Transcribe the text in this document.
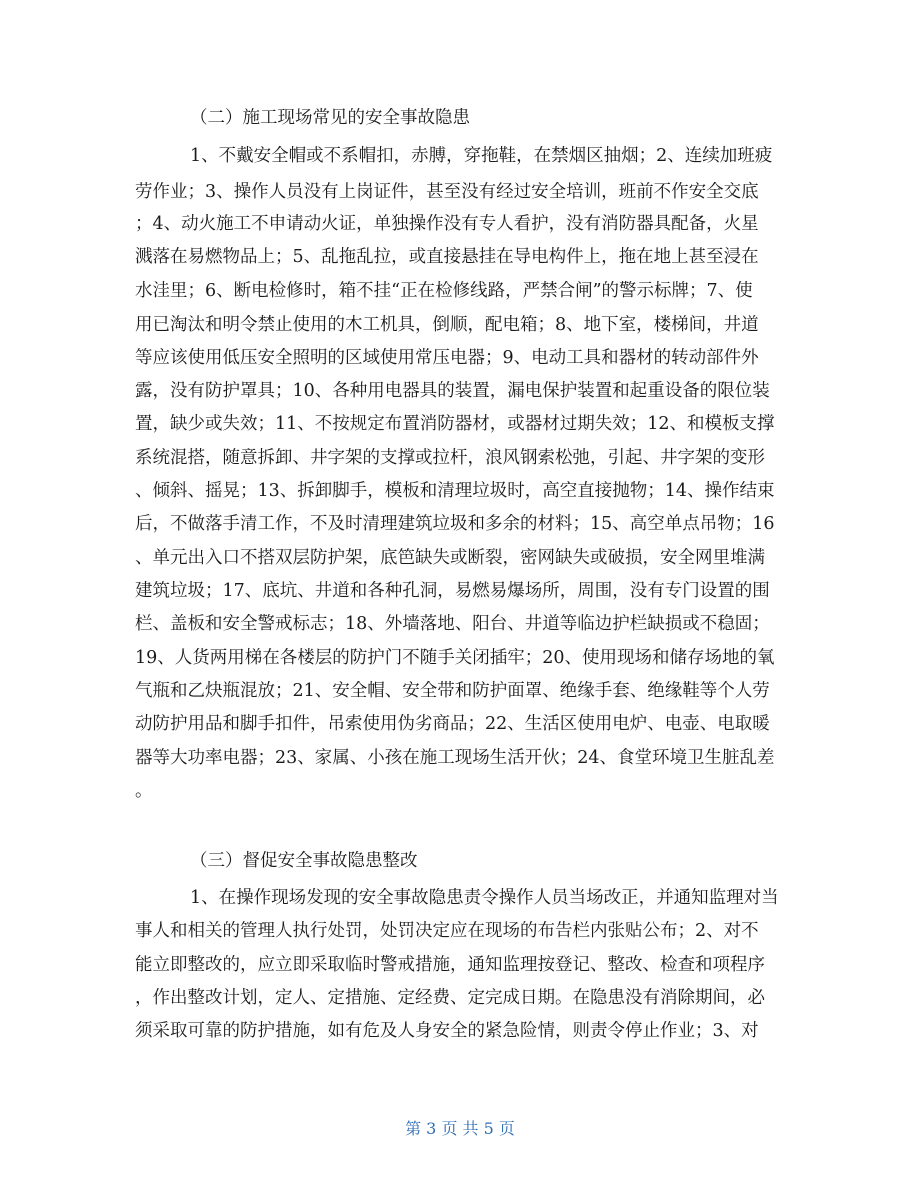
（二）施工现场常见的安全事故隐患
1、不戴安全帽或不系帽扣，赤膊，穿拖鞋，在禁烟区抽烟；2、连续加班疲
劳作业；3、操作人员没有上岗证件，甚至没有经过安全培训，班前不作安全交底
；4、动火施工不申请动火证，单独操作没有专人看护，没有消防器具配备，火星
溅落在易燃物品上；5、乱拖乱拉，或直接悬挂在导电构件上，拖在地上甚至浸在
水洼里；6、断电检修时，箱不挂“正在检修线路，严禁合闸”的警示标牌；7、使
用已淘汰和明令禁止使用的木工机具，倒顺，配电箱；8、地下室，楼梯间，井道
等应该使用低压安全照明的区域使用常压电器；9、电动工具和器材的转动部件外
露，没有防护罩具；10、各种用电器具的装置，漏电保护装置和起重设备的限位装
置，缺少或失效；11、不按规定布置消防器材，或器材过期失效；12、和模板支撑
系统混搭，随意拆卸、井字架的支撑或拉杆，浪风钢索松弛，引起、井字架的变形
、倾斜、摇晃；13、拆卸脚手，模板和清理垃圾时，高空直接抛物；14、操作结束
后，不做落手清工作，不及时清理建筑垃圾和多余的材料；15、高空单点吊物；16
、单元出入口不搭双层防护架，底笆缺失或断裂，密网缺失或破损，安全网里堆满
建筑垃圾；17、底坑、井道和各种孔洞，易燃易爆场所，周围，没有专门设置的围
栏、盖板和安全警戒标志；18、外墙落地、阳台、井道等临边护栏缺损或不稳固；
19、人货两用梯在各楼层的防护门不随手关闭插牢；20、使用现场和储存场地的氧
气瓶和乙炔瓶混放；21、安全帽、安全带和防护面罩、绝缘手套、绝缘鞋等个人劳
动防护用品和脚手扣件，吊索使用伪劣商品；22、生活区使用电炉、电壶、电取暖
器等大功率电器；23、家属、小孩在施工现场生活开伙；24、食堂环境卫生脏乱差
。
（三）督促安全事故隐患整改
1、在操作现场发现的安全事故隐患责令操作人员当场改正，并通知监理对当
事人和相关的管理人执行处罚，处罚决定应在现场的布告栏内张贴公布；2、对不
能立即整改的，应立即采取临时警戒措施，通知监理按登记、整改、检查和项程序
，作出整改计划，定人、定措施、定经费、定完成日期。在隐患没有消除期间，必
须采取可靠的防护措施，如有危及人身安全的紧急险情，则责令停止作业；3、对
第 3 页 共 5 页
